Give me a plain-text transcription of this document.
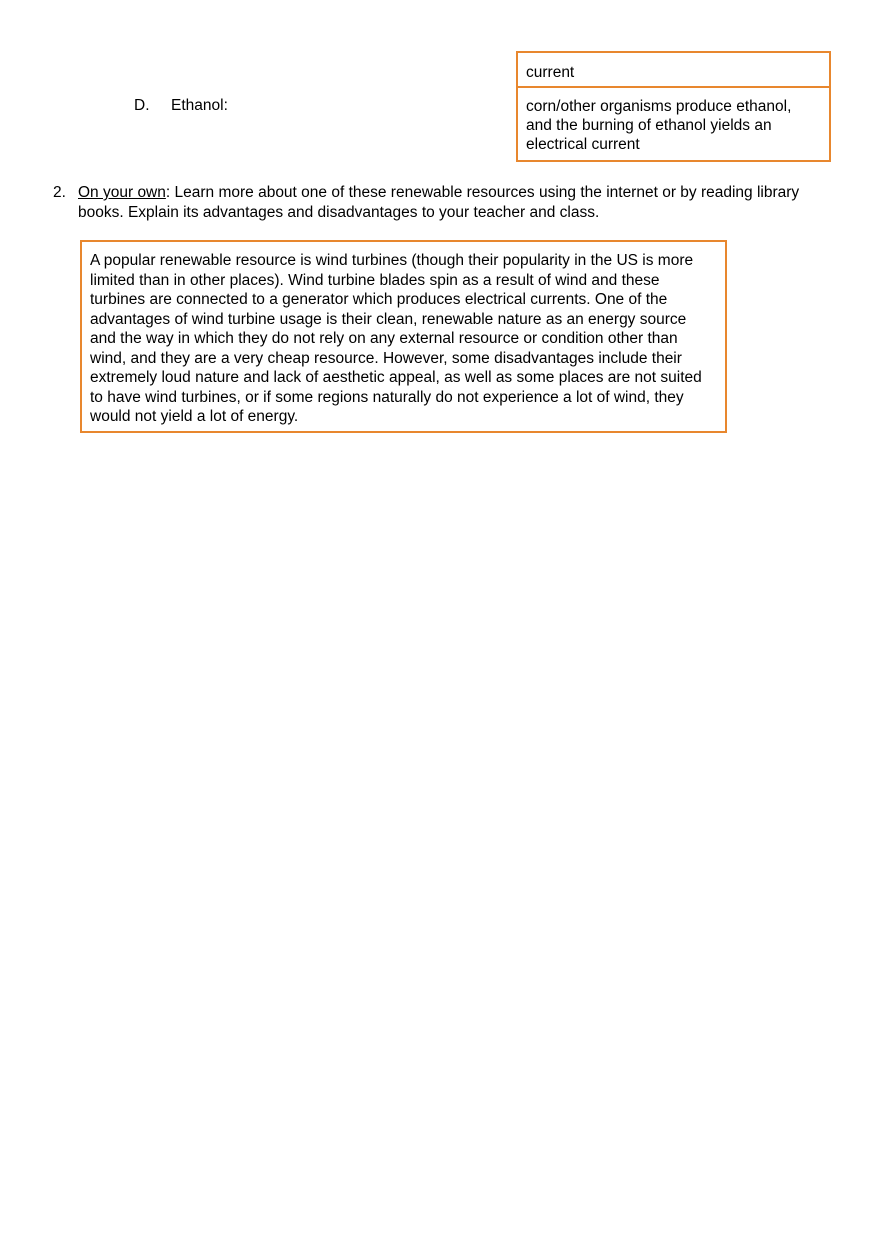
current
D. Ethanol:	corn/other organisms produce ethanol, and the burning of ethanol yields an electrical current
2. On your own: Learn more about one of these renewable resources using the internet or by reading library books. Explain its advantages and disadvantages to your teacher and class.
A popular renewable resource is wind turbines (though their popularity in the US is more limited than in other places). Wind turbine blades spin as a result of wind and these turbines are connected to a generator which produces electrical currents. One of the advantages of wind turbine usage is their clean, renewable nature as an energy source and the way in which they do not rely on any external resource or condition other than wind, and they are a very cheap resource. However, some disadvantages include their extremely loud nature and lack of aesthetic appeal, as well as some places are not suited to have wind turbines, or if some regions naturally do not experience a lot of wind, they would not yield a lot of energy.
